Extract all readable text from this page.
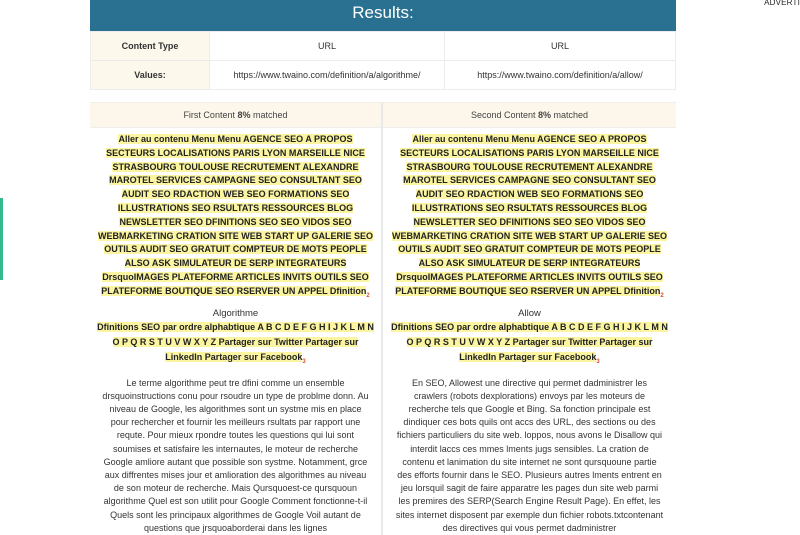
ADVERTI
Results:
Content Type	URL	URL
Values:	https://www.twaino.com/definition/a/algorithme/	https://www.twaino.com/definition/a/allow/
First Content 8% matched
Aller au contenu Menu Menu AGENCE SEO A PROPOS SECTEURS LOCALISATIONS PARIS LYON MARSEILLE NICE STRASBOURG TOULOUSE RECRUTEMENT ALEXANDRE MAROTEL SERVICES CAMPAGNE SEO CONSULTANT SEO AUDIT SEO RDACTION WEB SEO FORMATIONS SEO ILLUSTRATIONS SEO RSULTATS RESSOURCES BLOG NEWSLETTER SEO DFINITIONS SEO SEO VIDOS SEO WEBMARKETING CRATION SITE WEB START UP GALERIE SEO OUTILS AUDIT SEO GRATUIT COMPTEUR DE MOTS PEOPLE ALSO ASK SIMULATEUR DE SERP INTEGRATEURS DrsquoIMAGES PLATEFORME ARTICLES INVITS OUTILS SEO PLATEFORME BOUTIQUE SEO RSERVER UN APPEL Dfinition$_2$
Algorithme
Dfinitions SEO par ordre alphabtique A B C D E F G H I J K L M N O P Q R S T U V W X Y Z Partager sur Twitter Partager sur LinkedIn Partager sur Facebook$_3$
Le terme algorithme peut tre dfini comme un ensemble drsquoinstructions conu pour rsoudre un type de problme donn. Au niveau de Google, les algorithmes sont un systme mis en place pour rechercher et fournir les meilleurs rsultats par rapport une requte. Pour mieux rpondre toutes les questions qui lui sont soumises et satisfaire les internautes, le moteur de recherche Google amliore autant que possible son systme. Notamment, grce aux diffrentes mises jour et amlioration des algorithmes au niveau de son moteur de recherche. Mais Qursquoest-ce qursquoun algorithme Quel est son utilit pour Google Comment fonctionne-t-il Quels sont les principaux algorithmes de Google Voil autant de questions que jrsquoaborderai dans les lignes
Second Content 8% matched
Aller au contenu Menu Menu AGENCE SEO A PROPOS SECTEURS LOCALISATIONS PARIS LYON MARSEILLE NICE STRASBOURG TOULOUSE RECRUTEMENT ALEXANDRE MAROTEL SERVICES CAMPAGNE SEO CONSULTANT SEO AUDIT SEO RDACTION WEB SEO FORMATIONS SEO ILLUSTRATIONS SEO RSULTATS RESSOURCES BLOG NEWSLETTER SEO DFINITIONS SEO SEO VIDOS SEO WEBMARKETING CRATION SITE WEB START UP GALERIE SEO OUTILS AUDIT SEO GRATUIT COMPTEUR DE MOTS PEOPLE ALSO ASK SIMULATEUR DE SERP INTEGRATEURS DrsquoIMAGES PLATEFORME ARTICLES INVITS OUTILS SEO PLATEFORME BOUTIQUE SEO RSERVER UN APPEL Dfinition$_2$
Allow
Dfinitions SEO par ordre alphabtique A B C D E F G H I J K L M N O P Q R S T U V W X Y Z Partager sur Twitter Partager sur LinkedIn Partager sur Facebook$_3$
En SEO, Allowest une directive qui permet dadministrer les crawlers (robots dexplorations) envoys par les moteurs de recherche tels que Google et Bing. Sa fonction principale est dindiquer ces bots quils ont accs des URL, des sections ou des fichiers particuliers du site web. loppos, nous avons le Disallow qui interdit laccs ces mmes lments jugs sensibles. La cration de contenu et lanimation du site internet ne sont qursquoune partie des efforts fournir dans le SEO. Plusieurs autres lments entrent en jeu lorsquil sagit de faire apparatre les pages dun site web parmi les premires des SERP(Search Engine Result Page). En effet, les sites internet disposent par exemple dun fichier robots.txtcontenant des directives qui vous permet dadministrer
